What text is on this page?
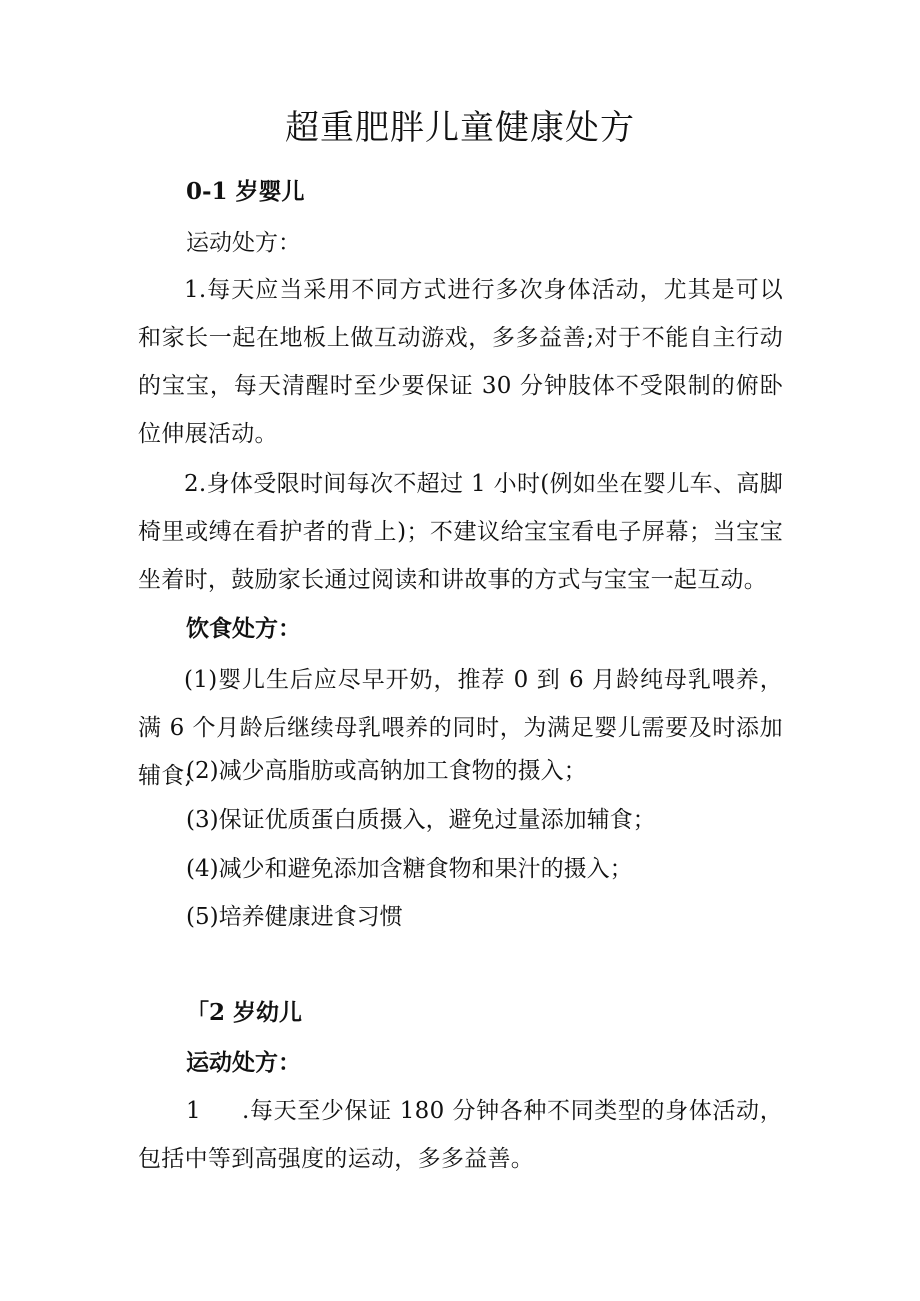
超重肥胖儿童健康处方

0-1 岁婴儿

运动处方：

1.每天应当采用不同方式进行多次身体活动，尤其是可以和家长一起在地板上做互动游戏，多多益善;对于不能自主行动的宝宝，每天清醒时至少要保证 30 分钟肢体不受限制的俯卧位伸展活动。

2.身体受限时间每次不超过 1 小时(例如坐在婴儿车、高脚椅里或缚在看护者的背上)；不建议给宝宝看电子屏幕；当宝宝坐着时，鼓励家长通过阅读和讲故事的方式与宝宝一起互动。

饮食处方：

(1)婴儿生后应尽早开奶，推荐 0 到 6 月龄纯母乳喂养，满 6 个月龄后继续母乳喂养的同时，为满足婴儿需要及时添加辅食;

(2)减少高脂肪或高钠加工食物的摄入；

(3)保证优质蛋白质摄入，避免过量添加辅食；

(4)减少和避免添加含糖食物和果汁的摄入；

(5)培养健康进食习惯

「2 岁幼儿

运动处方：

1	.每天至少保证 180 分钟各种不同类型的身体活动，包括中等到高强度的运动，多多益善。
